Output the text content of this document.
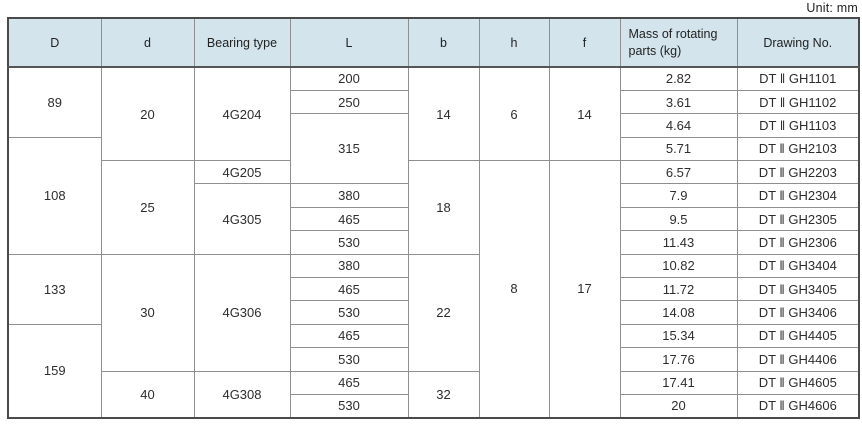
Unit: mm
D	d	Bearing type	L	b	h	f	Mass of rotating parts (kg)	Drawing No.
89	20	4G204	200	14	6	14	2.82	DT ‖ GH1101
			250				3.61	DT ‖ GH1102
			315				4.64	DT ‖ GH1103
108							5.71	DT ‖ GH2103
	25	4G205		18	8	17	6.57	DT ‖ GH2203
		4G305	380				7.9	DT ‖ GH2304
			465				9.5	DT ‖ GH2305
			530				11.43	DT ‖ GH2306
133	30	4G306	380	22			10.82	DT ‖ GH3404
			465				11.72	DT ‖ GH3405
			530				14.08	DT ‖ GH3406
159			465				15.34	DT ‖ GH4405
			530				17.76	DT ‖ GH4406
	40	4G308	465	32			17.41	DT ‖ GH4605
			530				20	DT ‖ GH4606
